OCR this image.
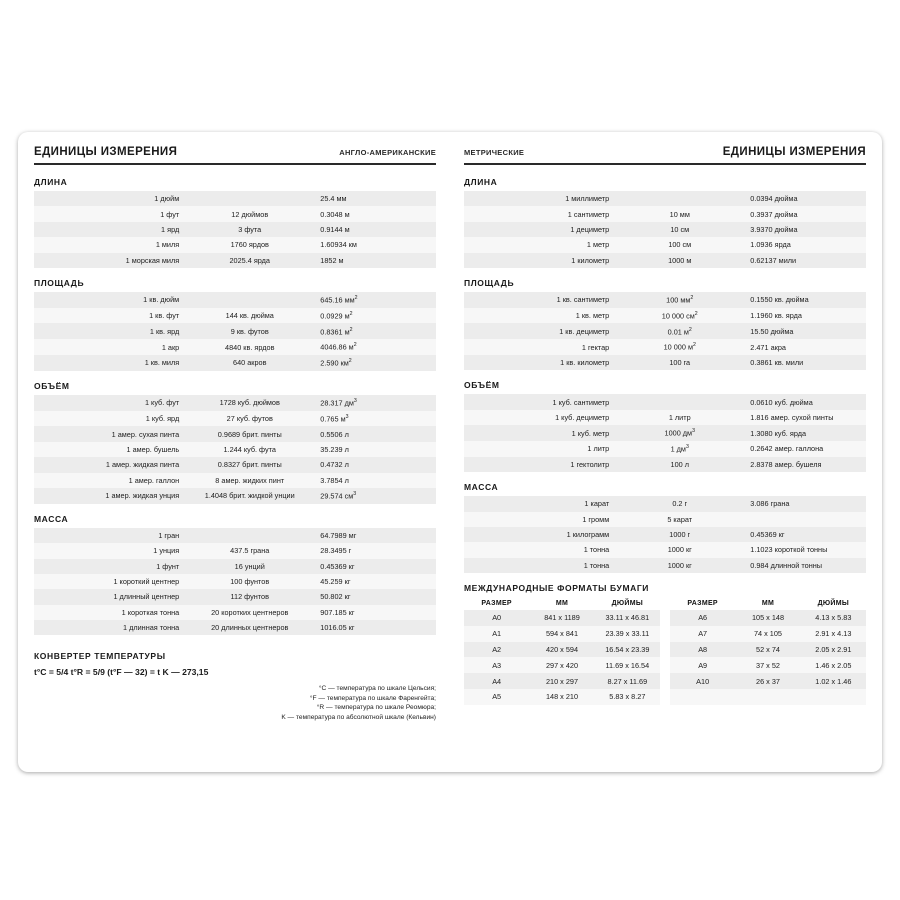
ЕДИНИЦЫ ИЗМЕРЕНИЯ	АНГЛО-АМЕРИКАНСКИЕ
ДЛИНА
1 дюйм		25.4 мм
1 фут	12 дюймов	0.3048 м
1 ярд	3 фута	0.9144 м
1 миля	1760 ярдов	1.60934 км
1 морская миля	2025.4 ярда	1852 м
ПЛОЩАДЬ
1 кв. дюйм		645.16 $мм^2$
1 кв. фут	144 кв. дюйма	0.0929 $м^2$
1 кв. ярд	9 кв. футов	0.8361 $м^2$
1 акр	4840 кв. ярдов	4046.86 $м^2$
1 кв. миля	640 акров	2.590 $км^2$
ОБЪЁМ
1 куб. фут	1728 куб. дюймов	28.317 $дм^3$
1 куб. ярд	27 куб. футов	0.765 $м^3$
1 амер. сухая пинта	0.9689 брит. пинты	0.5506 л
1 амер. бушель	1.244 куб. фута	35.239 л
1 амер. жидкая пинта	0.8327 брит. пинты	0.4732 л
1 амер. галлон	8 амер. жидких пинт	3.7854 л
1 амер. жидкая унция	1.4048 брит. жидкой унции	29.574 $см^3$
МАССА
1 гран		64.7989 мг
1 унция	437.5 грана	28.3495 г
1 фунт	16 унций	0.45369 кг
1 короткий центнер	100 фунтов	45.259 кг
1 длинный центнер	112 фунтов	50.802 кг
1 короткая тонна	20 коротких центнеров	907.185 кг
1 длинная тонна	20 длинных центнеров	1016.05 кг
КОНВЕРТЕР ТЕМПЕРАТУРЫ
t°C = 5/4 t°R = 5/9 (t°F — 32) = t K — 273,15
°C — температура по шкале Цельсия;
°F — температура по шкале Фаренгейта;
°R — температура по шкале Реомюра;
K — температура по абсолютной шкале (Кельвин)
МЕТРИЧЕСКИЕ	ЕДИНИЦЫ ИЗМЕРЕНИЯ
ДЛИНА
1 миллиметр		0.0394 дюйма
1 сантиметр	10 мм	0.3937 дюйма
1 дециметр	10 см	3.9370 дюйма
1 метр	100 см	1.0936 ярда
1 километр	1000 м	0.62137 мили
ПЛОЩАДЬ
1 кв. сантиметр	100 $мм^2$	0.1550 кв. дюйма
1 кв. метр	10 000 $см^2$	1.1960 кв. ярда
1 кв. дециметр	0.01 $м^2$	15.50 дюйма
1 гектар	10 000 $м^2$	2.471 акра
1 кв. километр	100 га	0.3861 кв. мили
ОБЪЁМ
1 куб. сантиметр		0.0610 куб. дюйма
1 куб. дециметр	1 литр	1.816 амер. сухой пинты
1 куб. метр	1000 $дм^3$	1.3080 куб. ярда
1 литр	1 $дм^3$	0.2642 амер. галлона
1 гектолитр	100 л	2.8378 амер. бушеля
МАССА
1 карат	0.2 г	3.086 грана
1 громм	5 карат	
1 килограмм	1000 г	0.45369 кг
1 тонна	1000 кг	1.1023 короткой тонны
1 тонна	1000 кг	0.984 длинной тонны
МЕЖДУНАРОДНЫЕ ФОРМАТЫ БУМАГИ
РАЗМЕР	ММ	ДЮЙМЫ
A0	841 x 1189	33.11 x 46.81
A1	594 x 841	23.39 x 33.11
A2	420 x 594	16.54 x 23.39
A3	297 x 420	11.69 x 16.54
A4	210 x 297	8.27 x 11.69
A5	148 x 210	5.83 x 8.27
РАЗМЕР	ММ	ДЮЙМЫ
A6	105 x 148	4.13 x 5.83
A7	74 x 105	2.91 x 4.13
A8	52 x 74	2.05 x 2.91
A9	37 x 52	1.46 x 2.05
A10	26 x 37	1.02 x 1.46
